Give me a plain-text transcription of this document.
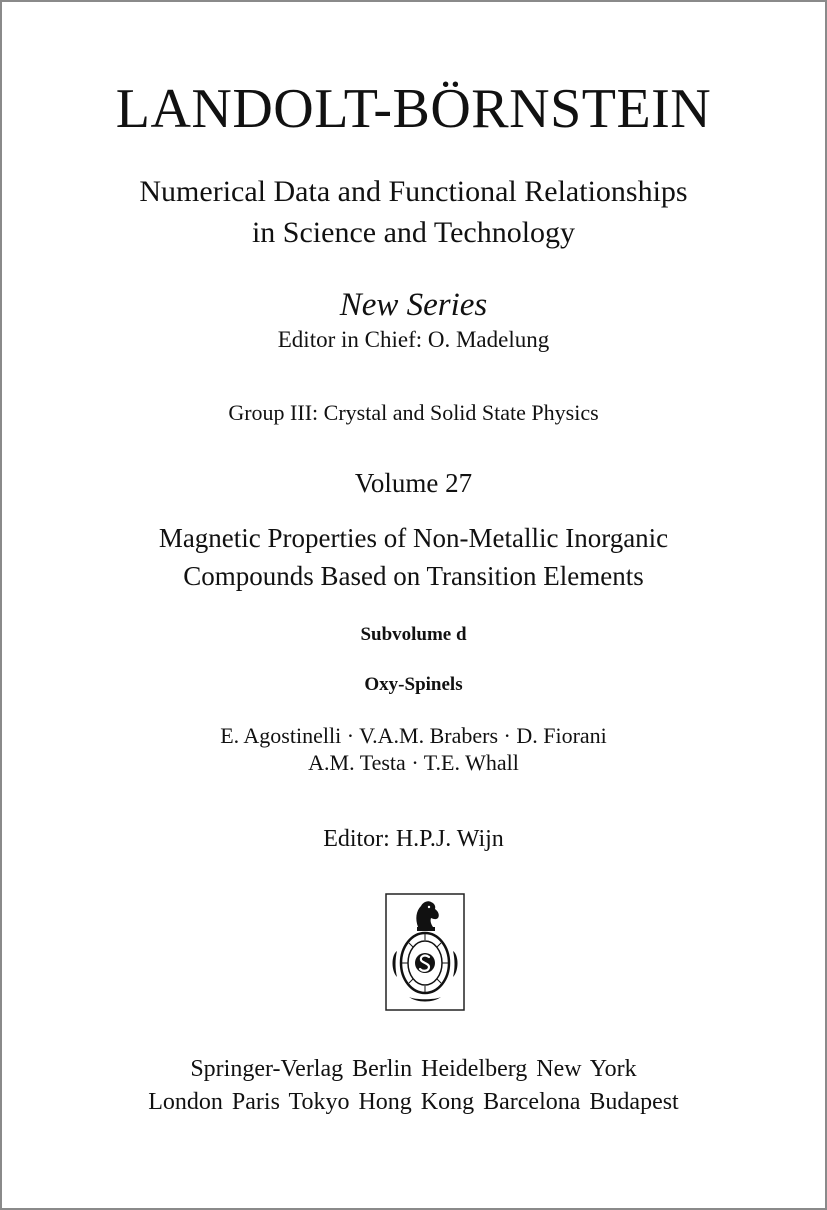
LANDOLT-BÖRNSTEIN
Numerical Data and Functional Relationships
in Science and Technology
New Series
Editor in Chief: O. Madelung
Group III: Crystal and Solid State Physics
Volume 27
Magnetic Properties of Non-Metallic Inorganic
Compounds Based on Transition Elements
Subvolume d
Oxy-Spinels
E. Agostinelli · V.A.M. Brabers · D. Fiorani
A.M. Testa · T.E. Whall
Editor: H.P.J. Wijn
Springer-Verlag Berlin Heidelberg New York
London Paris Tokyo Hong Kong Barcelona Budapest
